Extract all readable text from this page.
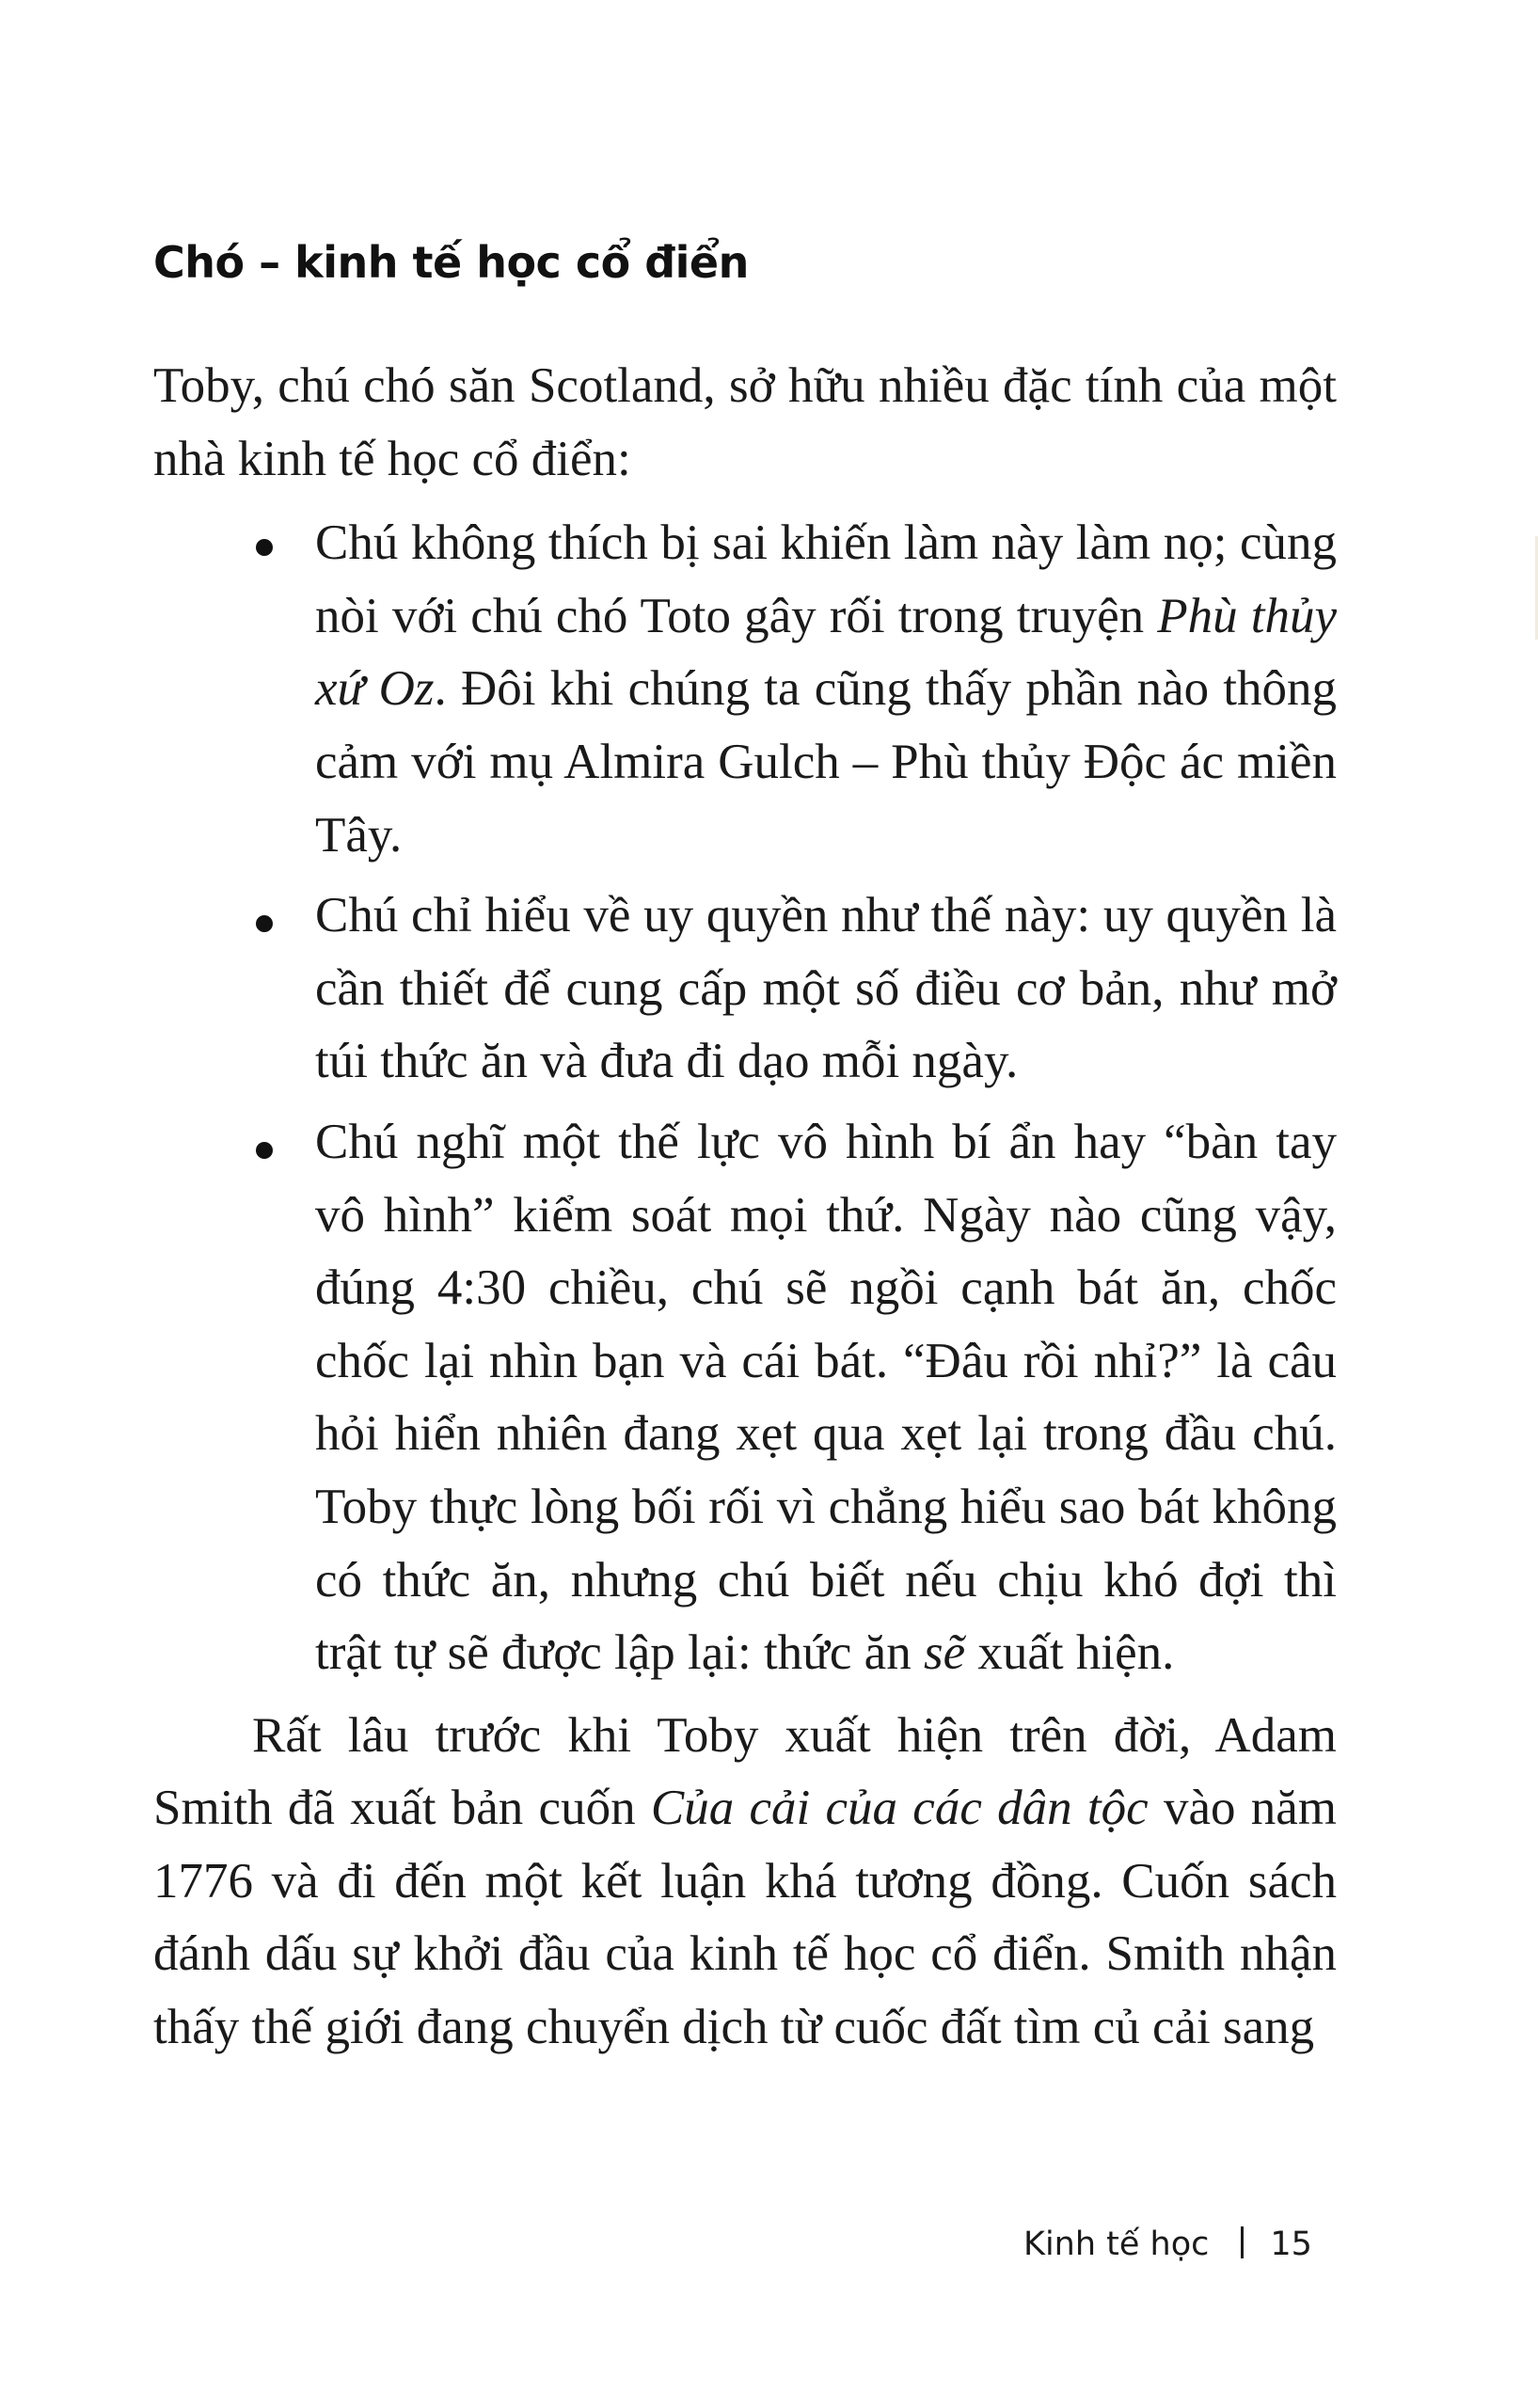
Chó – kinh tế học cổ điển

Toby, chú chó săn Scotland, sở hữu nhiều đặc tính của một nhà kinh tế học cổ điển:

Chú không thích bị sai khiến làm này làm nọ; cùng nòi với chú chó Toto gây rối trong truyện Phù thủy xứ Oz. Đôi khi chúng ta cũng thấy phần nào thông cảm với mụ Almira Gulch – Phù thủy Độc ác miền Tây.
Chú chỉ hiểu về uy quyền như thế này: uy quyền là cần thiết để cung cấp một số điều cơ bản, như mở túi thức ăn và đưa đi dạo mỗi ngày.
Chú nghĩ một thế lực vô hình bí ẩn hay “bàn tay vô hình” kiểm soát mọi thứ. Ngày nào cũng vậy, đúng 4:30 chiều, chú sẽ ngồi cạnh bát ăn, chốc chốc lại nhìn bạn và cái bát. “Đâu rồi nhỉ?” là câu hỏi hiển nhiên đang xẹt qua xẹt lại trong đầu chú. Toby thực lòng bối rối vì chẳng hiểu sao bát không có thức ăn, nhưng chú biết nếu chịu khó đợi thì trật tự sẽ được lập lại: thức ăn sẽ xuất hiện.

Rất lâu trước khi Toby xuất hiện trên đời, Adam Smith đã xuất bản cuốn Của cải của các dân tộc vào năm 1776 và đi đến một kết luận khá tương đồng. Cuốn sách đánh dấu sự khởi đầu của kinh tế học cổ điển. Smith nhận thấy thế giới đang chuyển dịch từ cuốc đất tìm củ cải sang

Kinh tế học 15
